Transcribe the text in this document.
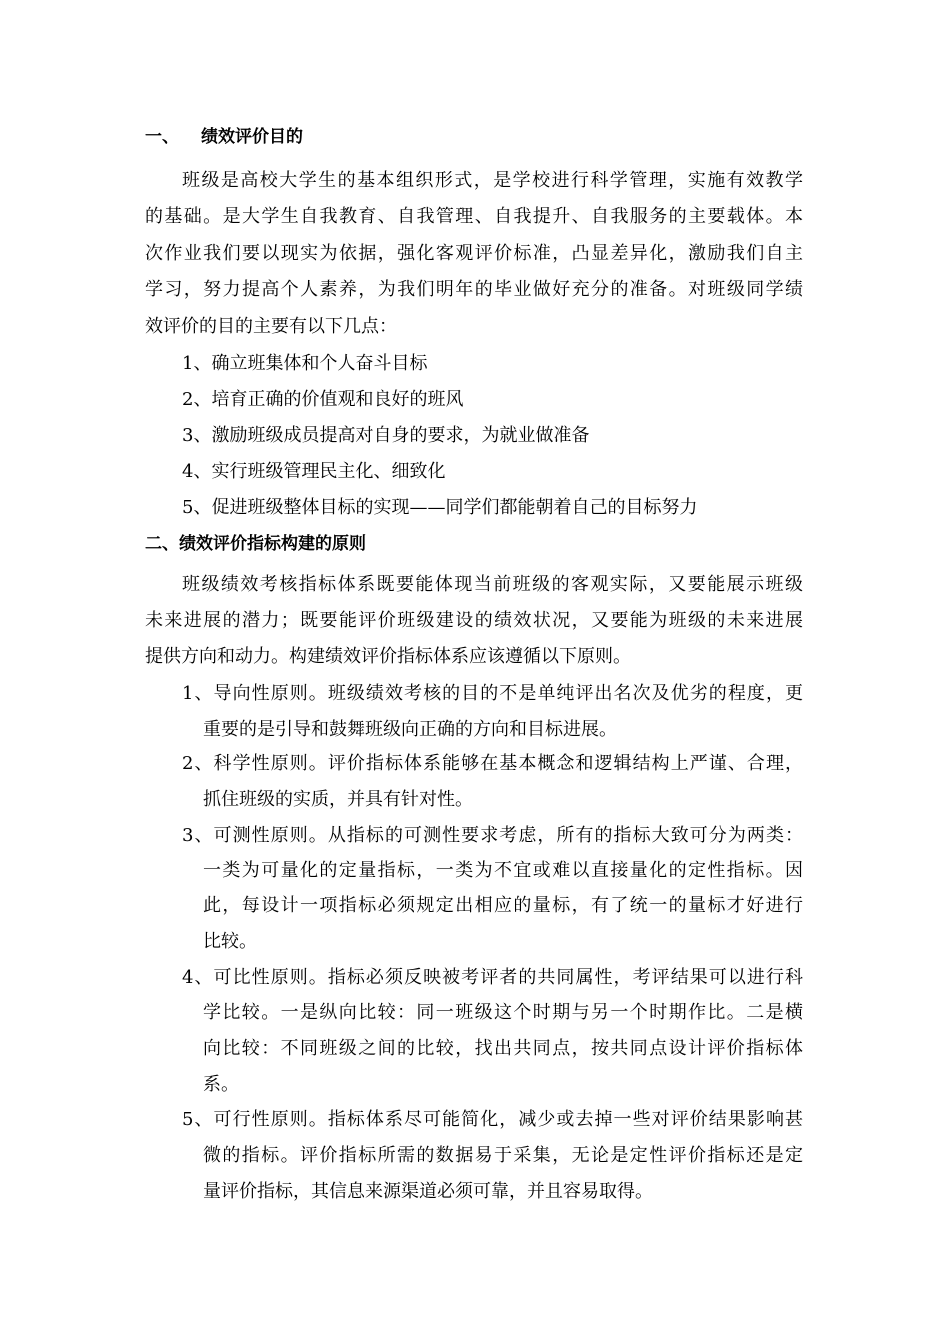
一、 绩效评价目的
班级是高校大学生的基本组织形式，是学校进行科学管理，实施有效教学
的基础。是大学生自我教育、自我管理、自我提升、自我服务的主要载体。本
次作业我们要以现实为依据，强化客观评价标准，凸显差异化，激励我们自主
学习，努力提高个人素养，为我们明年的毕业做好充分的准备。对班级同学绩
效评价的目的主要有以下几点：
1、确立班集体和个人奋斗目标
2、培育正确的价值观和良好的班风
3、激励班级成员提高对自身的要求，为就业做准备
4、实行班级管理民主化、细致化
5、促进班级整体目标的实现——同学们都能朝着自己的目标努力
二、绩效评价指标构建的原则
班级绩效考核指标体系既要能体现当前班级的客观实际，又要能展示班级
未来进展的潜力；既要能评价班级建设的绩效状况，又要能为班级的未来进展
提供方向和动力。构建绩效评价指标体系应该遵循以下原则。
1、导向性原则。班级绩效考核的目的不是单纯评出名次及优劣的程度，更
重要的是引导和鼓舞班级向正确的方向和目标进展。
2、科学性原则。评价指标体系能够在基本概念和逻辑结构上严谨、合理，
抓住班级的实质，并具有针对性。
3、可测性原则。从指标的可测性要求考虑，所有的指标大致可分为两类：
一类为可量化的定量指标，一类为不宜或难以直接量化的定性指标。因
此，每设计一项指标必须规定出相应的量标，有了统一的量标才好进行
比较。
4、可比性原则。指标必须反映被考评者的共同属性，考评结果可以进行科
学比较。一是纵向比较：同一班级这个时期与另一个时期作比。二是横
向比较：不同班级之间的比较，找出共同点，按共同点设计评价指标体
系。
5、可行性原则。指标体系尽可能简化，减少或去掉一些对评价结果影响甚
微的指标。评价指标所需的数据易于采集，无论是定性评价指标还是定
量评价指标，其信息来源渠道必须可靠，并且容易取得。
